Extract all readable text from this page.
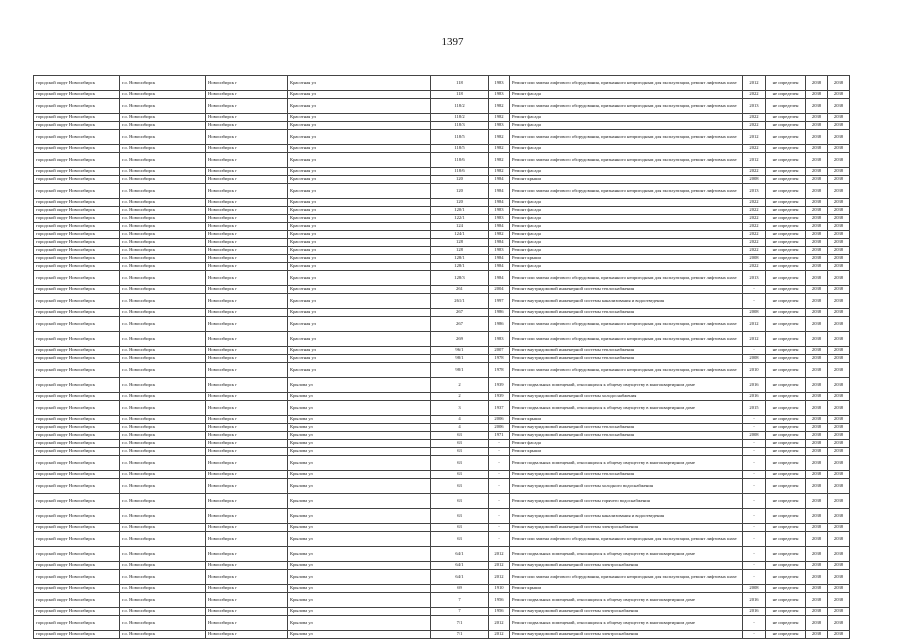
1397
городской округ Новосибирск	г.о. Новосибирск	Новосибирск г	Красотная ул	118	1983	Ремонт или замена лифтового оборудования, признанного непригодным для эксплуатации, ремонт лифтовых шахт	2012	не определен	2038	2038
городской округ Новосибирск	г.о. Новосибирск	Новосибирск г	Красотная ул	118	1983	Ремонт фасада	2022	не определен	2038	2038
городской округ Новосибирск	г.о. Новосибирск	Новосибирск г	Красотная ул	118/2	1982	Ремонт или замена лифтового оборудования, признанного непригодным для эксплуатации, ремонт лифтовых шахт	2013	не определен	2038	2038
городской округ Новосибирск	г.о. Новосибирск	Новосибирск г	Красотная ул	118/2	1982	Ремонт фасада	2022	не определен	2038	2038
городской округ Новосибирск	г.о. Новосибирск	Новосибирск г	Красотная ул	118/3	1983	Ремонт фасада	2022	не определен	2038	2038
городской округ Новосибирск	г.о. Новосибирск	Новосибирск г	Красотная ул	118/5	1982	Ремонт или замена лифтового оборудования, признанного непригодным для эксплуатации, ремонт лифтовых шахт	2012	не определен	2038	2038
городской округ Новосибирск	г.о. Новосибирск	Новосибирск г	Красотная ул	118/5	1982	Ремонт фасада	2022	не определен	2038	2038
городской округ Новосибирск	г.о. Новосибирск	Новосибирск г	Красотная ул	118/6	1982	Ремонт или замена лифтового оборудования, признанного непригодным для эксплуатации, ремонт лифтовых шахт	2012	не определен	2038	2038
городской округ Новосибирск	г.о. Новосибирск	Новосибирск г	Красотная ул	118/6	1982	Ремонт фасада	2022	не определен	2038	2038
городской округ Новосибирск	г.о. Новосибирск	Новосибирск г	Красотная ул	120	1984	Ремонт крыши	2008	не определен	2038	2038
городской округ Новосибирск	г.о. Новосибирск	Новосибирск г	Красотная ул	120	1984	Ремонт или замена лифтового оборудования, признанного непригодным для эксплуатации, ремонт лифтовых шахт	2013	не определен	2038	2038
городской округ Новосибирск	г.о. Новосибирск	Новосибирск г	Красотная ул	120	1984	Ремонт фасада	2022	не определен	2038	2038
городской округ Новосибирск	г.о. Новосибирск	Новосибирск г	Красотная ул	120/1	1983	Ремонт фасада	2022	не определен	2038	2038
городской округ Новосибирск	г.о. Новосибирск	Новосибирск г	Красотная ул	122/1	1983	Ремонт фасада	2022	не определен	2038	2038
городской округ Новосибирск	г.о. Новосибирск	Новосибирск г	Красотная ул	124	1984	Ремонт фасада	2022	не определен	2038	2038
городской округ Новосибирск	г.о. Новосибирск	Новосибирск г	Красотная ул	124/1	1982	Ремонт фасада	2022	не определен	2038	2038
городской округ Новосибирск	г.о. Новосибирск	Новосибирск г	Красотная ул	128	1984	Ремонт фасада	2022	не определен	2038	2038
городской округ Новосибирск	г.о. Новосибирск	Новосибирск г	Красотная ул	128	1983	Ремонт фасада	2022	не определен	2038	2038
городской округ Новосибирск	г.о. Новосибирск	Новосибирск г	Красотная ул	128/1	1984	Ремонт крыши	2008	не определен	2038	2038
городской округ Новосибирск	г.о. Новосибирск	Новосибирск г	Красотная ул	128/1	1984	Ремонт фасада	2022	не определен	2038	2038
городской округ Новосибирск	г.о. Новосибирск	Новосибирск г	Красотная ул	128/3	1984	Ремонт или замена лифтового оборудования, признанного непригодным для эксплуатации, ремонт лифтовых шахт	2013	не определен	2038	2038
городской округ Новосибирск	г.о. Новосибирск	Новосибирск г	Красотная ул	261	2004	Ремонт внутридомовой инженерной системы теплоснабжения	-	не определен	2038	2038
городской округ Новосибирск	г.о. Новосибирск	Новосибирск г	Красотная ул	261/1	1997	Ремонт внутридомовой инженерной системы канализования и водоотведения	-	не определен	2038	2038
городской округ Новосибирск	г.о. Новосибирск	Новосибирск г	Красотная ул	267	1986	Ремонт внутридомовой инженерной системы теплоснабжения	2008	не определен	2038	2038
городской округ Новосибирск	г.о. Новосибирск	Новосибирск г	Красотная ул	267	1986	Ремонт или замена лифтового оборудования, признанного непригодным для эксплуатации, ремонт лифтовых шахт	2012	не определен	2038	2038
городской округ Новосибирск	г.о. Новосибирск	Новосибирск г	Красотная ул	269	1983	Ремонт или замена лифтового оборудования, признанного непригодным для эксплуатации, ремонт лифтовых шахт	2012	не определен	2038	2038
городской округ Новосибирск	г.о. Новосибирск	Новосибирск г	Красотная ул	96/1	2007	Ремонт внутридомовой инженерной системы теплоснабжения	-	не определен	2038	2038
городской округ Новосибирск	г.о. Новосибирск	Новосибирск г	Красотная ул	98/1	1978	Ремонт внутридомовой инженерной системы теплоснабжения	2008	не определен	2038	2038
городской округ Новосибирск	г.о. Новосибирск	Новосибирск г	Красотная ул	98/1	1978	Ремонт или замена лифтового оборудования, признанного непригодным для эксплуатации, ремонт лифтовых шахт	2010	не определен	2038	2038
городской округ Новосибирск	г.о. Новосибирск	Новосибирск г	Крылова ул	2	1939	Ремонт подвальных помещений, относящихся к общему имуществу в многоквартирном доме	2016	не определен	2038	2038
городской округ Новосибирск	г.о. Новосибирск	Новосибирск г	Крылова ул	2	1939	Ремонт внутридомовой инженерной системы холодоснабжения	2016	не определен	2038	2038
городской округ Новосибирск	г.о. Новосибирск	Новосибирск г	Крылова ул	3	1937	Ремонт подвальных помещений, относящихся к общему имуществу в многоквартирном доме	2015	не определен	2038	2038
городской округ Новосибирск	г.о. Новосибирск	Новосибирск г	Крылова ул	4	2006	Ремонт крыши	-	не определен	2038	2038
городской округ Новосибирск	г.о. Новосибирск	Новосибирск г	Крылова ул	4	2006	Ремонт внутридомовой инженерной системы теплоснабжения	-	не определен	2038	2038
городской округ Новосибирск	г.о. Новосибирск	Новосибирск г	Крылова ул	63	1971	Ремонт внутридомовой инженерной системы теплоснабжения	2008	не определен	2038	2038
городской округ Новосибирск	г.о. Новосибирск	Новосибирск г	Крылова ул	63	-	Ремонт фасада	-	не определен	2038	2038
городской округ Новосибирск	г.о. Новосибирск	Новосибирск г	Крылова ул	63	-	Ремонт крыши	-	не определен	2038	2038
городской округ Новосибирск	г.о. Новосибирск	Новосибирск г	Крылова ул	63	-	Ремонт подвальных помещений, относящихся к общему имуществу в многоквартирном доме	-	не определен	2038	2038
городской округ Новосибирск	г.о. Новосибирск	Новосибирск г	Крылова ул	63	-	Ремонт внутридомовой инженерной системы теплоснабжения	-	не определен	2038	2038
городской округ Новосибирск	г.о. Новосибирск	Новосибирск г	Крылова ул	63	-	Ремонт внутридомовой инженерной системы холодного водоснабжения	-	не определен	2038	2038
городской округ Новосибирск	г.о. Новосибирск	Новосибирск г	Крылова ул	63	-	Ремонт внутридомовой инженерной системы горячего водоснабжения	-	не определен	2038	2038
городской округ Новосибирск	г.о. Новосибирск	Новосибирск г	Крылова ул	63	-	Ремонт внутридомовой инженерной системы канализования и водоотведения	-	не определен	2038	2038
городской округ Новосибирск	г.о. Новосибирск	Новосибирск г	Крылова ул	63	-	Ремонт внутридомовой инженерной системы электроснабжения	-	не определен	2038	2038
городской округ Новосибирск	г.о. Новосибирск	Новосибирск г	Крылова ул	63	-	Ремонт или замена лифтового оборудования, признанного непригодным для эксплуатации, ремонт лифтовых шахт	-	не определен	2038	2038
городской округ Новосибирск	г.о. Новосибирск	Новосибирск г	Крылова ул	64/1	2012	Ремонт подвальных помещений, относящихся к общему имуществу в многоквартирном доме	-	не определен	2038	2038
городской округ Новосибирск	г.о. Новосибирск	Новосибирск г	Крылова ул	64/1	2012	Ремонт внутридомовой инженерной системы электроснабжения	-	не определен	2038	2038
городской округ Новосибирск	г.о. Новосибирск	Новосибирск г	Крылова ул	64/1	2012	Ремонт или замена лифтового оборудования, признанного непригодным для эксплуатации, ремонт лифтовых шахт	-	не определен	2038	2038
городской округ Новосибирск	г.о. Новосибирск	Новосибирск г	Крылова ул	69	1910	Ремонт крыши	2008	не определен	2038	2038
городской округ Новосибирск	г.о. Новосибирск	Новосибирск г	Крылова ул	7	1956	Ремонт подвальных помещений, относящихся к общему имуществу в многоквартирном доме	2016	не определен	2038	2038
городской округ Новосибирск	г.о. Новосибирск	Новосибирск г	Крылова ул	7	1956	Ремонт внутридомовой инженерной системы электроснабжения	2016	не определен	2038	2038
городской округ Новосибирск	г.о. Новосибирск	Новосибирск г	Крылова ул	7/1	2012	Ремонт подвальных помещений, относящихся к общему имуществу в многоквартирном доме	-	не определен	2038	2038
городской округ Новосибирск	г.о. Новосибирск	Новосибирск г	Крылова ул	7/1	2012	Ремонт внутридомовой инженерной системы электроснабжения	-	не определен	2038	2038
